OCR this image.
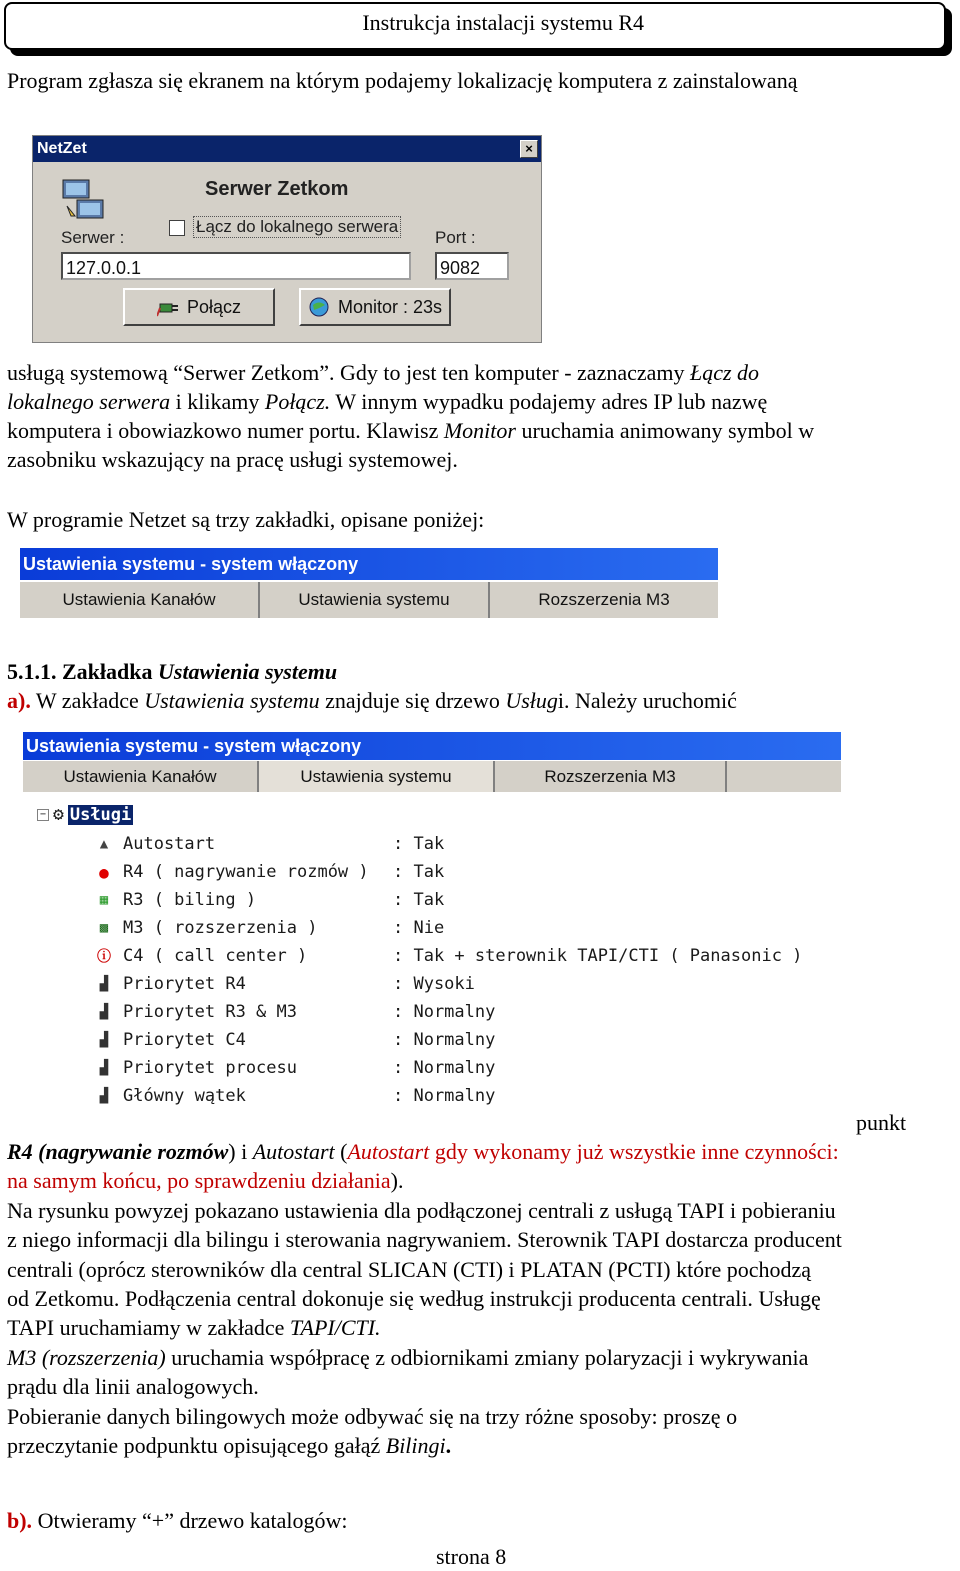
Instrukcja instalacji systemu R4
Program zgłasza się ekranem na którym podajemy lokalizację komputera z zainstalowaną
NetZet	×
Serwer Zetkom
Serwer :
Łącz do lokalnego serwera
Port :
127.0.0.1	9082
Połącz	Monitor : 23s
usługą systemową “Serwer Zetkom”. Gdy to jest ten komputer - zaznaczamy Łącz do
lokalnego serwera i klikamy Połącz. W innym wypadku podajemy adres IP lub nazwę
komputera i obowiazkowo numer portu. Klawisz Monitor uruchamia animowany symbol w
zasobniku wskazujący na pracę usługi systemowej.
W programie Netzet są trzy zakładki, opisane poniżej:
Ustawienia systemu - system włączony
Ustawienia Kanałów	Ustawienia systemu	Rozszerzenia M3
5.1.1. Zakładka Ustawienia systemu
a). W zakładce Ustawienia systemu znajduje się drzewo Usługi. Należy uruchomić
Ustawienia systemu - system włączony
Ustawienia Kanałów	Ustawienia systemu	Rozszerzenia M3
− ⚙ Usługi
▲ Autostart	: Tak
● R4 ( nagrywanie rozmów )	: Tak
▦ R3 ( biling )	: Tak
▩ M3 ( rozszerzenia )	: Nie
ⓘ C4 ( call center )	: Tak + sterownik TAPI/CTI ( Panasonic )
▟ Priorytet R4	: Wysoki
▟ Priorytet R3 & M3	: Normalny
▟ Priorytet C4	: Normalny
▟ Priorytet procesu	: Normalny
▟ Główny wątek	: Normalny
punkt
R4 (nagrywanie rozmów) i Autostart (Autostart gdy wykonamy już wszystkie inne czynności:
na samym końcu, po sprawdzeniu działania).
Na rysunku powyzej pokazano ustawienia dla podłączonej centrali z usługą TAPI i pobieraniu
z niego informacji dla bilingu i sterowania nagrywaniem. Sterownik TAPI dostarcza producent
centrali (oprócz sterowników dla central SLICAN (CTI) i PLATAN (PCTI) które pochodzą
od Zetkomu. Podłączenia central dokonuje się według instrukcji producenta centrali. Usługę
TAPI uruchamiamy w zakładce TAPI/CTI.
M3 (rozszerzenia) uruchamia współpracę z odbiornikami zmiany polaryzacji i wykrywania
prądu dla linii analogowych.
Pobieranie danych bilingowych może odbywać się na trzy różne sposoby: proszę o
przeczytanie podpunktu opisującego gałąź Bilingi.
b). Otwieramy “+” drzewo katalogów:
strona 8
